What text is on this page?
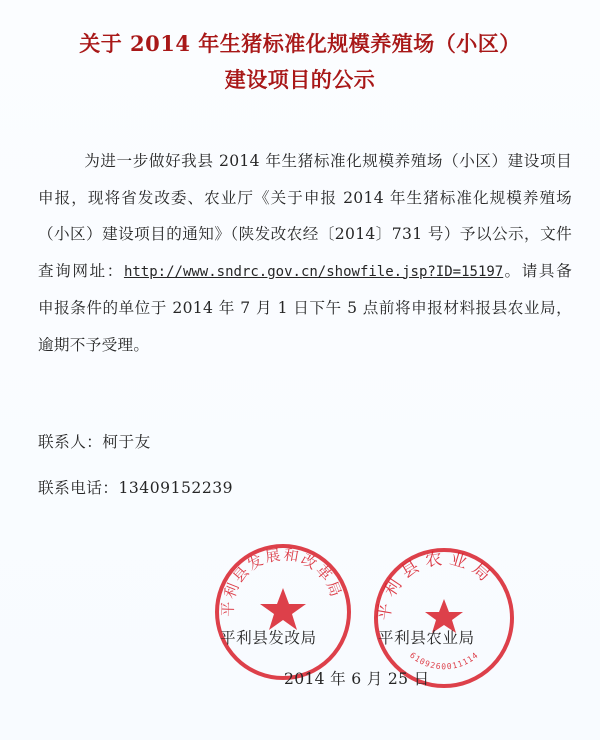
关于 2014 年生猪标准化规模养殖场（小区）
建设项目的公示
为进一步做好我县 2014 年生猪标准化规模养殖场（小区）建设项目申报，现将省发改委、农业厅《关于申报 2014 年生猪标准化规模养殖场（小区）建设项目的通知》（陕发改农经〔2014〕731 号）予以公示，文件查询网址：http://www.sndrc.gov.cn/showfile.jsp?ID=15197。请具备申报条件的单位于 2014 年 7 月 1 日下午 5 点前将申报材料报县农业局，逾期不予受理。
联系人：柯于友
联系电话：13409152239
平利县发展和改革局
平利县农业局
6109260011114
平利县发改局	平利县农业局
2014 年 6 月 25 日
